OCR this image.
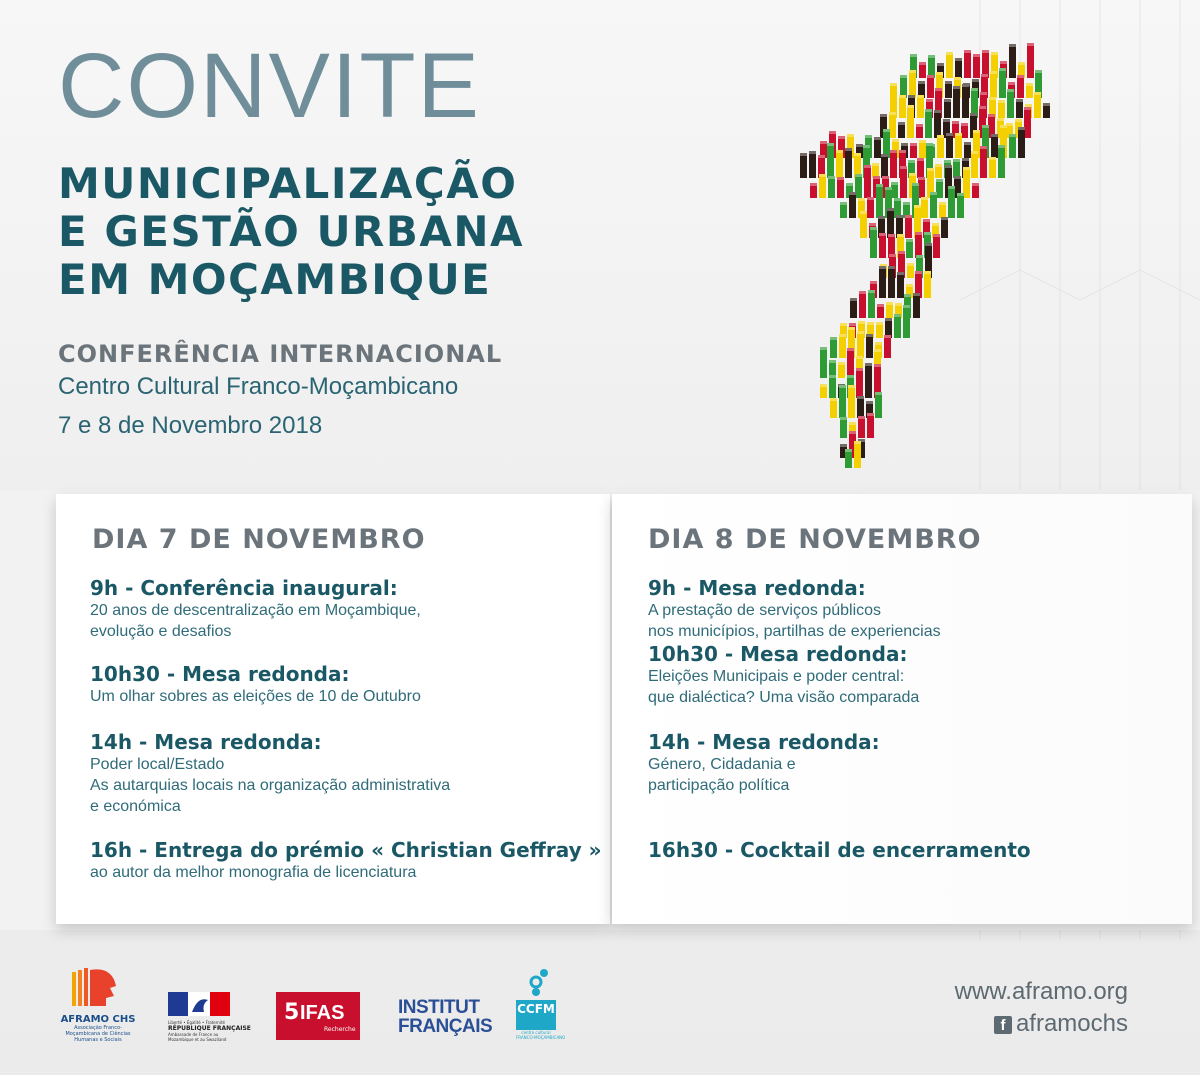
CONVITE
MUNICIPALIZAÇÃO
E GESTÃO URBANA
EM MOÇAMBIQUE
CONFERÊNCIA INTERNACIONAL
Centro Cultural Franco-Moçambicano
7 e 8 de Novembro 2018
DIA 7 DE NOVEMBRO
9h - Conferência inaugural:
20 anos de descentralização em Moçambique,
evolução e desafios
10h30 - Mesa redonda:
Um olhar sobres as eleições de 10 de Outubro
14h - Mesa redonda:
Poder local/Estado
As autarquias locais na organização administrativa
e económica
16h - Entrega do prémio « Christian Geffray »
ao autor da melhor monografia de licenciatura
DIA 8 DE NOVEMBRO
9h - Mesa redonda:
A prestação de serviços públicos
nos municípios, partilhas de experiencias
10h30 - Mesa redonda:
Eleições Municipais e poder central:
que dialéctica? Uma visão comparada
14h - Mesa redonda:
Género, Cidadania e
participação política
16h30 - Cocktail de encerramento
AFRAMO CHS
Associação Franco-Moçambicana de Ciências Humanas e Sociais
Liberté • Égalité • Fraternité
RÉPUBLIQUE FRANÇAISE
Ambassade de France au Mozambique et au Swaziland
5 IFAS
Recherche
INSTITUT
FRANÇAIS
CCFM
centro cultural
FRANCO-MOÇAMBICANO
www.aframo.org
f aframochs
